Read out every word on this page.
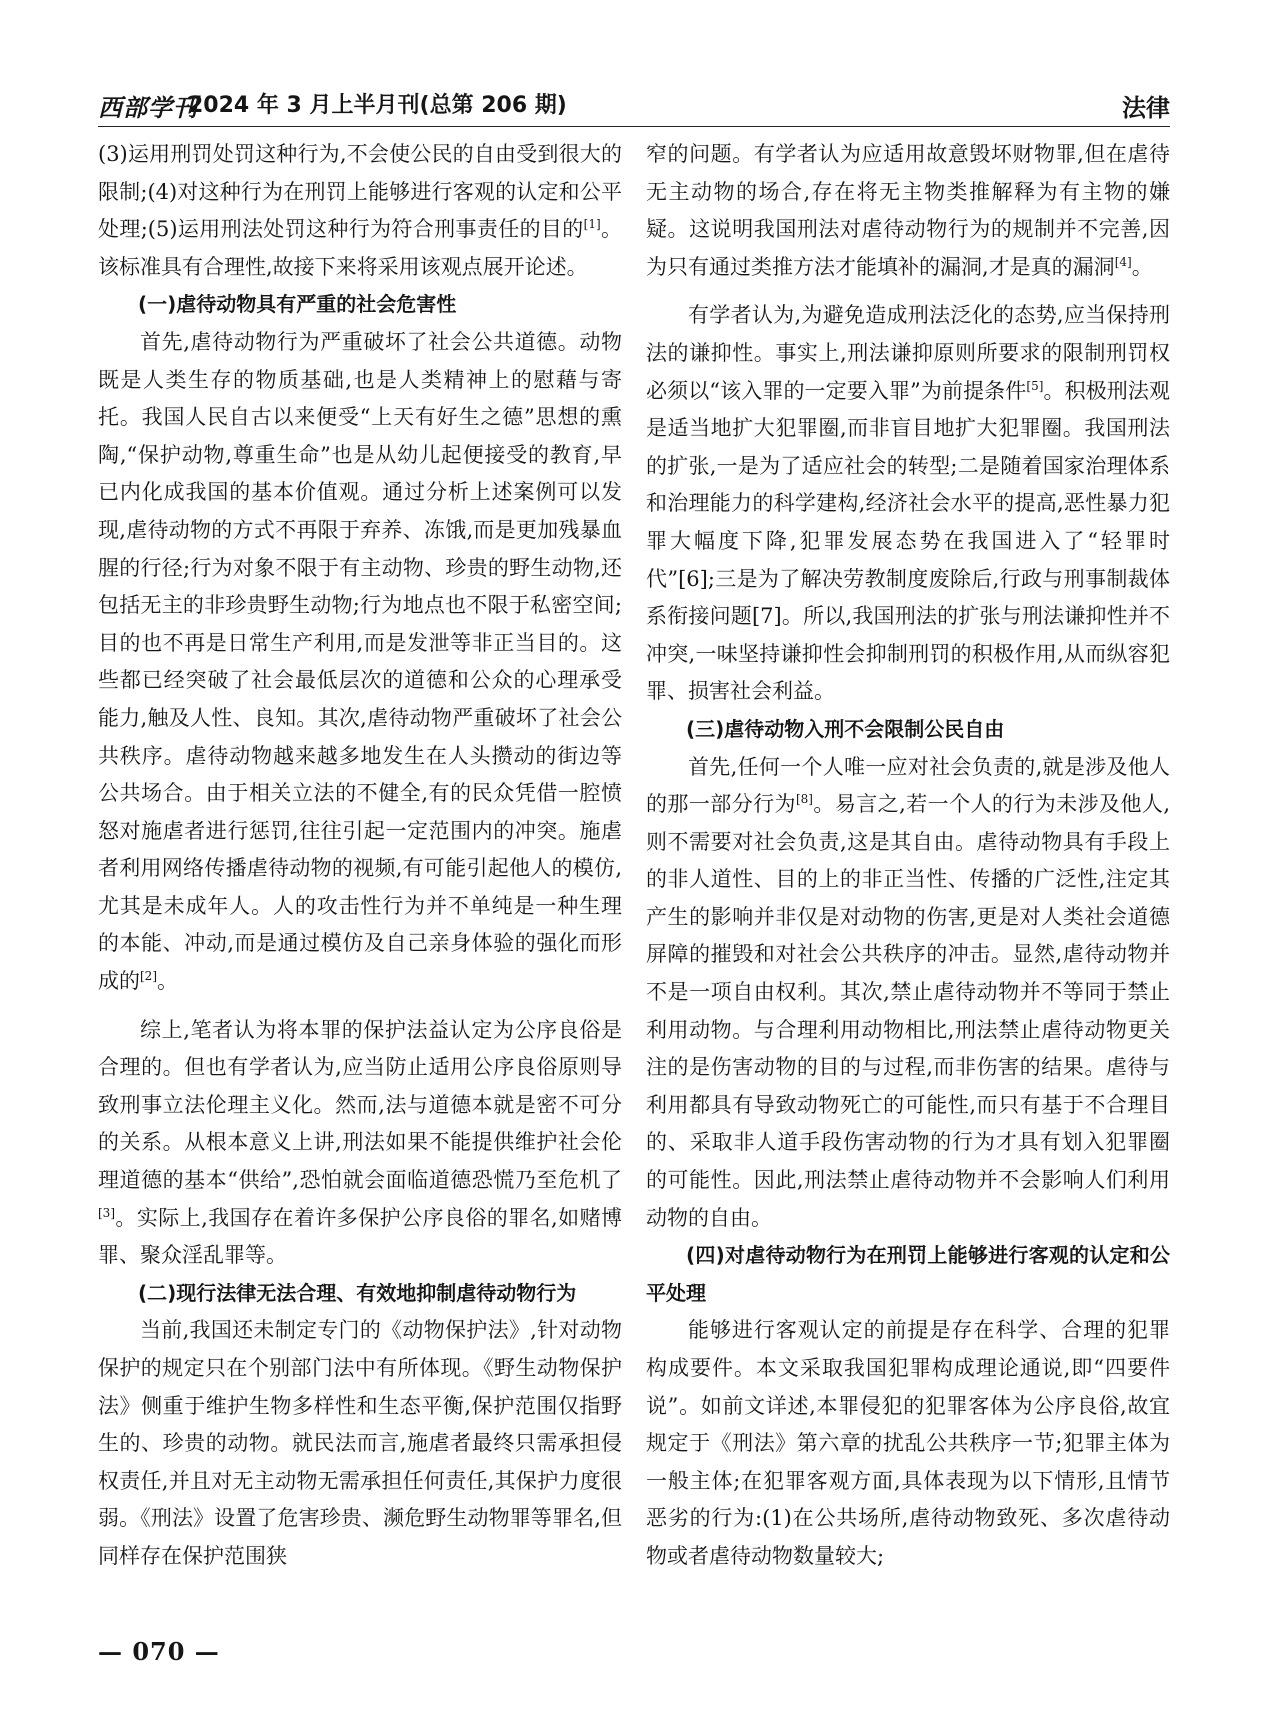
西部学刊
2024 年 3 月上半月刊(总第 206 期)	法律

(3)运用刑罚处罚这种行为,不会使公民的自由受到很大的限制;(4)对这种行为在刑罚上能够进行客观的认定和公平处理;(5)运用刑法处罚这种行为符合刑事责任的目的[1]。该标准具有合理性,故接下来将采用该观点展开论述。

(一)虐待动物具有严重的社会危害性

首先,虐待动物行为严重破坏了社会公共道德。动物既是人类生存的物质基础,也是人类精神上的慰藉与寄托。我国人民自古以来便受“上天有好生之德”思想的熏陶,“保护动物,尊重生命”也是从幼儿起便接受的教育,早已内化成我国的基本价值观。通过分析上述案例可以发现,虐待动物的方式不再限于弃养、冻饿,而是更加残暴血腥的行径;行为对象不限于有主动物、珍贵的野生动物,还包括无主的非珍贵野生动物;行为地点也不限于私密空间;目的也不再是日常生产利用,而是发泄等非正当目的。这些都已经突破了社会最低层次的道德和公众的心理承受能力,触及人性、良知。其次,虐待动物严重破坏了社会公共秩序。虐待动物越来越多地发生在人头攒动的街边等公共场合。由于相关立法的不健全,有的民众凭借一腔愤怒对施虐者进行惩罚,往往引起一定范围内的冲突。施虐者利用网络传播虐待动物的视频,有可能引起他人的模仿,尤其是未成年人。人的攻击性行为并不单纯是一种生理的本能、冲动,而是通过模仿及自己亲身体验的强化而形成的[2]。

综上,笔者认为将本罪的保护法益认定为公序良俗是合理的。但也有学者认为,应当防止适用公序良俗原则导致刑事立法伦理主义化。然而,法与道德本就是密不可分的关系。从根本意义上讲,刑法如果不能提供维护社会伦理道德的基本“供给”,恐怕就会面临道德恐慌乃至危机了[3]。实际上,我国存在着许多保护公序良俗的罪名,如赌博罪、聚众淫乱罪等。

(二)现行法律无法合理、有效地抑制虐待动物行为

当前,我国还未制定专门的《动物保护法》,针对动物保护的规定只在个别部门法中有所体现。《野生动物保护法》侧重于维护生物多样性和生态平衡,保护范围仅指野生的、珍贵的动物。就民法而言,施虐者最终只需承担侵权责任,并且对无主动物无需承担任何责任,其保护力度很弱。《刑法》设置了危害珍贵、濒危野生动物罪等罪名,但同样存在保护范围狭

窄的问题。有学者认为应适用故意毁坏财物罪,但在虐待无主动物的场合,存在将无主物类推解释为有主物的嫌疑。这说明我国刑法对虐待动物行为的规制并不完善,因为只有通过类推方法才能填补的漏洞,才是真的漏洞[4]。

有学者认为,为避免造成刑法泛化的态势,应当保持刑法的谦抑性。事实上,刑法谦抑原则所要求的限制刑罚权必须以“该入罪的一定要入罪”为前提条件[5]。积极刑法观是适当地扩大犯罪圈,而非盲目地扩大犯罪圈。我国刑法的扩张,一是为了适应社会的转型;二是随着国家治理体系和治理能力的科学建构,经济社会水平的提高,恶性暴力犯罪大幅度下降,犯罪发展态势在我国进入了“轻罪时代”[6];三是为了解决劳教制度废除后,行政与刑事制裁体系衔接问题[7]。所以,我国刑法的扩张与刑法谦抑性并不冲突,一味坚持谦抑性会抑制刑罚的积极作用,从而纵容犯罪、损害社会利益。

(三)虐待动物入刑不会限制公民自由

首先,任何一个人唯一应对社会负责的,就是涉及他人的那一部分行为[8]。易言之,若一个人的行为未涉及他人,则不需要对社会负责,这是其自由。虐待动物具有手段上的非人道性、目的上的非正当性、传播的广泛性,注定其产生的影响并非仅是对动物的伤害,更是对人类社会道德屏障的摧毁和对社会公共秩序的冲击。显然,虐待动物并不是一项自由权利。其次,禁止虐待动物并不等同于禁止利用动物。与合理利用动物相比,刑法禁止虐待动物更关注的是伤害动物的目的与过程,而非伤害的结果。虐待与利用都具有导致动物死亡的可能性,而只有基于不合理目的、采取非人道手段伤害动物的行为才具有划入犯罪圈的可能性。因此,刑法禁止虐待动物并不会影响人们利用动物的自由。

(四)对虐待动物行为在刑罚上能够进行客观的认定和公平处理

能够进行客观认定的前提是存在科学、合理的犯罪构成要件。本文采取我国犯罪构成理论通说,即“四要件说”。如前文详述,本罪侵犯的犯罪客体为公序良俗,故宜规定于《刑法》第六章的扰乱公共秩序一节;犯罪主体为一般主体;在犯罪客观方面,具体表现为以下情形,且情节恶劣的行为:(1)在公共场所,虐待动物致死、多次虐待动物或者虐待动物数量较大;

— 070 —
